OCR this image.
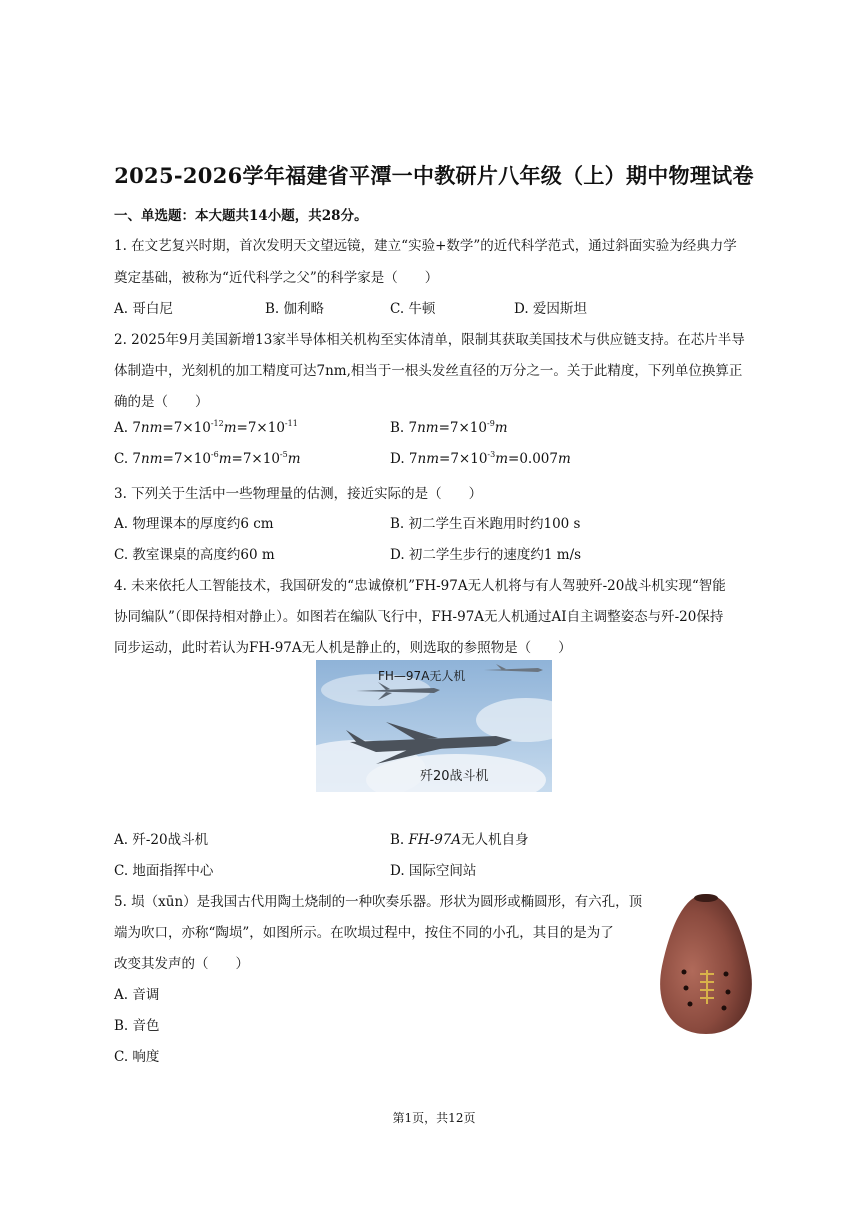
2025-2026学年福建省平潭一中教研片八年级（上）期中物理试卷
一、单选题：本大题共14小题，共28分。
1. 在文艺复兴时期，首次发明天文望远镜，建立“实验+数学”的近代科学范式，通过斜面实验为经典力学
奠定基础，被称为“近代科学之父”的科学家是（　　）
A. 哥白尼	B. 伽利略	C. 牛顿	D. 爱因斯坦
2. 2025年9月美国新增13家半导体相关机构至实体清单，限制其获取美国技术与供应链支持。在芯片半导
体制造中，光刻机的加工精度可达7nm,相当于一根头发丝直径的万分之一。关于此精度，下列单位换算正
确的是（　　）
A. $7nm=7\times 10^{-12}m=7\times 10^{-11}$	B. $7nm=7\times 10^{-9}m$
C. $7nm=7\times 10^{-6}m=7\times 10^{-5}m$	D. $7nm=7\times 10^{-3}m=0.007m$
3. 下列关于生活中一些物理量的估测，接近实际的是（　　）
A. 物理课本的厚度约6 cm	B. 初二学生百米跑用时约100 s
C. 教室课桌的高度约60 m	D. 初二学生步行的速度约1 m/s
4. 未来依托人工智能技术，我国研发的“忠诚僚机”FH-97A无人机将与有人驾驶歼-20战斗机实现“智能
协同编队”（即保持相对静止）。如图若在编队飞行中，FH-97A无人机通过AI自主调整姿态与歼-20保持
同步运动，此时若认为FH-97A无人机是静止的，则选取的参照物是（　　）
FH—97A无人机
歼20战斗机
A. 歼-20战斗机	B. FH-97A无人机自身
C. 地面指挥中心	D. 国际空间站
5. 埙（xūn）是我国古代用陶土烧制的一种吹奏乐器。形状为圆形或椭圆形，有六孔，顶
端为吹口，亦称“陶埙”，如图所示。在吹埙过程中，按住不同的小孔，其目的是为了
改变其发声的（　　）
A. 音调
B. 音色
C. 响度
第1页，共12页
